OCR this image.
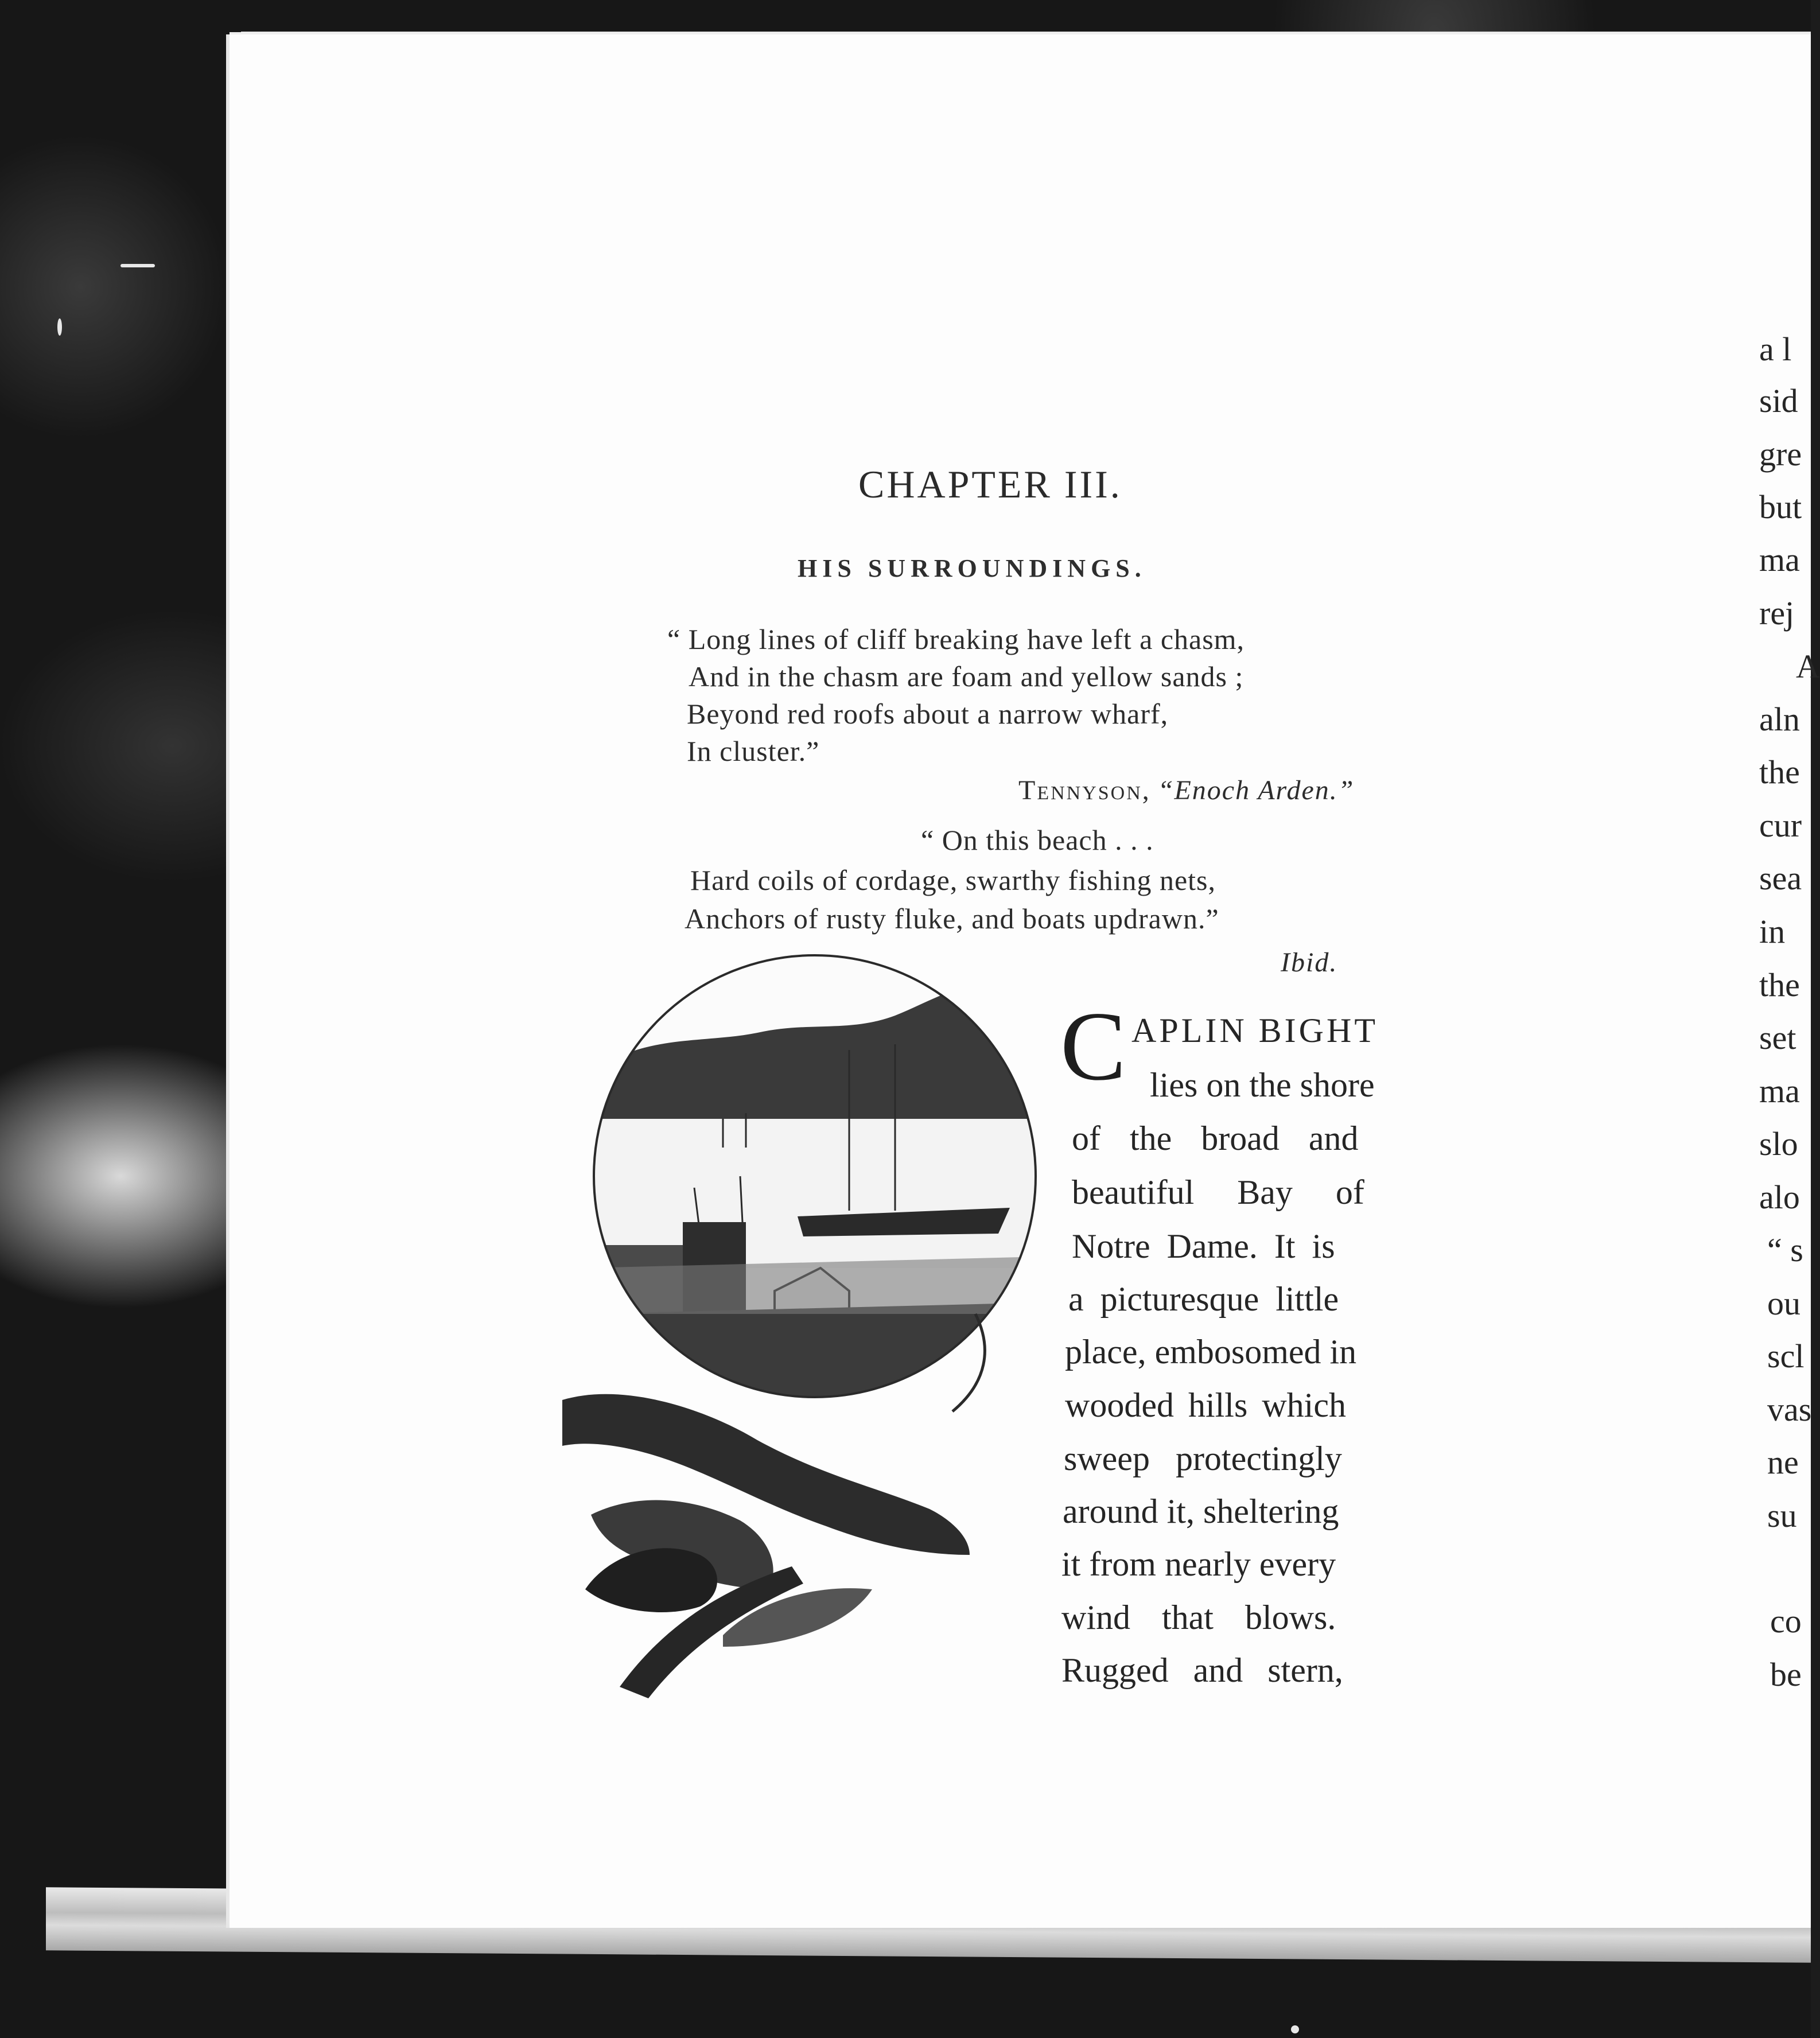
CHAPTER III.
HIS SURROUNDINGS.
“ Long lines of cliff breaking have left a chasm,
And in the chasm are foam and yellow sands ;
Beyond red roofs about a narrow wharf,
In cluster.”
Tennyson, “Enoch Arden.”
“ On this beach . . .
Hard coils of cordage, swarthy fishing nets,
Anchors of rusty fluke, and boats updrawn.”
Ibid.
C APLIN BIGHT
lies on the shore
of the broad and
beautiful Bay of
Notre Dame. It is
a picturesque little
place, embosomed in
wooded hills which
sweep protectingly
around it, sheltering
it from nearly every
wind that blows.
Rugged and stern,
a l
sid
gre
but
ma
rej
A
aln
the
cur
sea
in
the
set
ma
slo
alo
“ s
ou
scl
vas
ne
su
co
be
